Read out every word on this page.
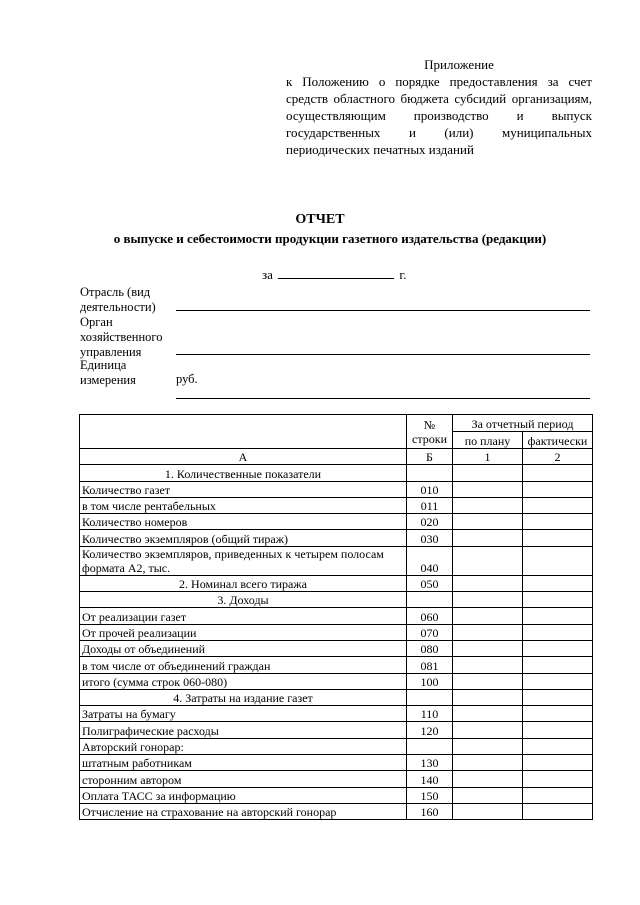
Приложение
к Положению о порядке предоставления за счет средств областного бюджета субсидий организациям, осуществляющим производство и выпуск государственных и (или) муниципальных периодических печатных изданий
ОТЧЕТ
о выпуске и себестоимости продукции газетного издательства (редакции)
за	г.
Отрасль (вид
деятельности)
Орган
хозяйственного
управления
Единица
измерения	руб.
	№ строки	За отчетный период	
		по плану	фактически
А	Б	1	2
1. Количественные показатели			
Количество газет	010		
в том числе рентабельных	011		
Количество номеров	020		
Количество экземпляров (общий тираж)	030		
Количество экземпляров, приведенных к четырем полосам формата А2, тыс.	040		
2. Номинал всего тиража	050		
3. Доходы			
От реализации газет	060		
От прочей реализации	070		
Доходы от объединений	080		
в том числе от объединений граждан	081		
итого (сумма строк 060-080)	100		
4. Затраты на издание газет			
Затраты на бумагу	110		
Полиграфические расходы	120		
Авторский гонорар:			
штатным работникам	130		
сторонним автором	140		
Оплата ТАСС за информацию	150		
Отчисление на страхование на авторский гонорар	160		
